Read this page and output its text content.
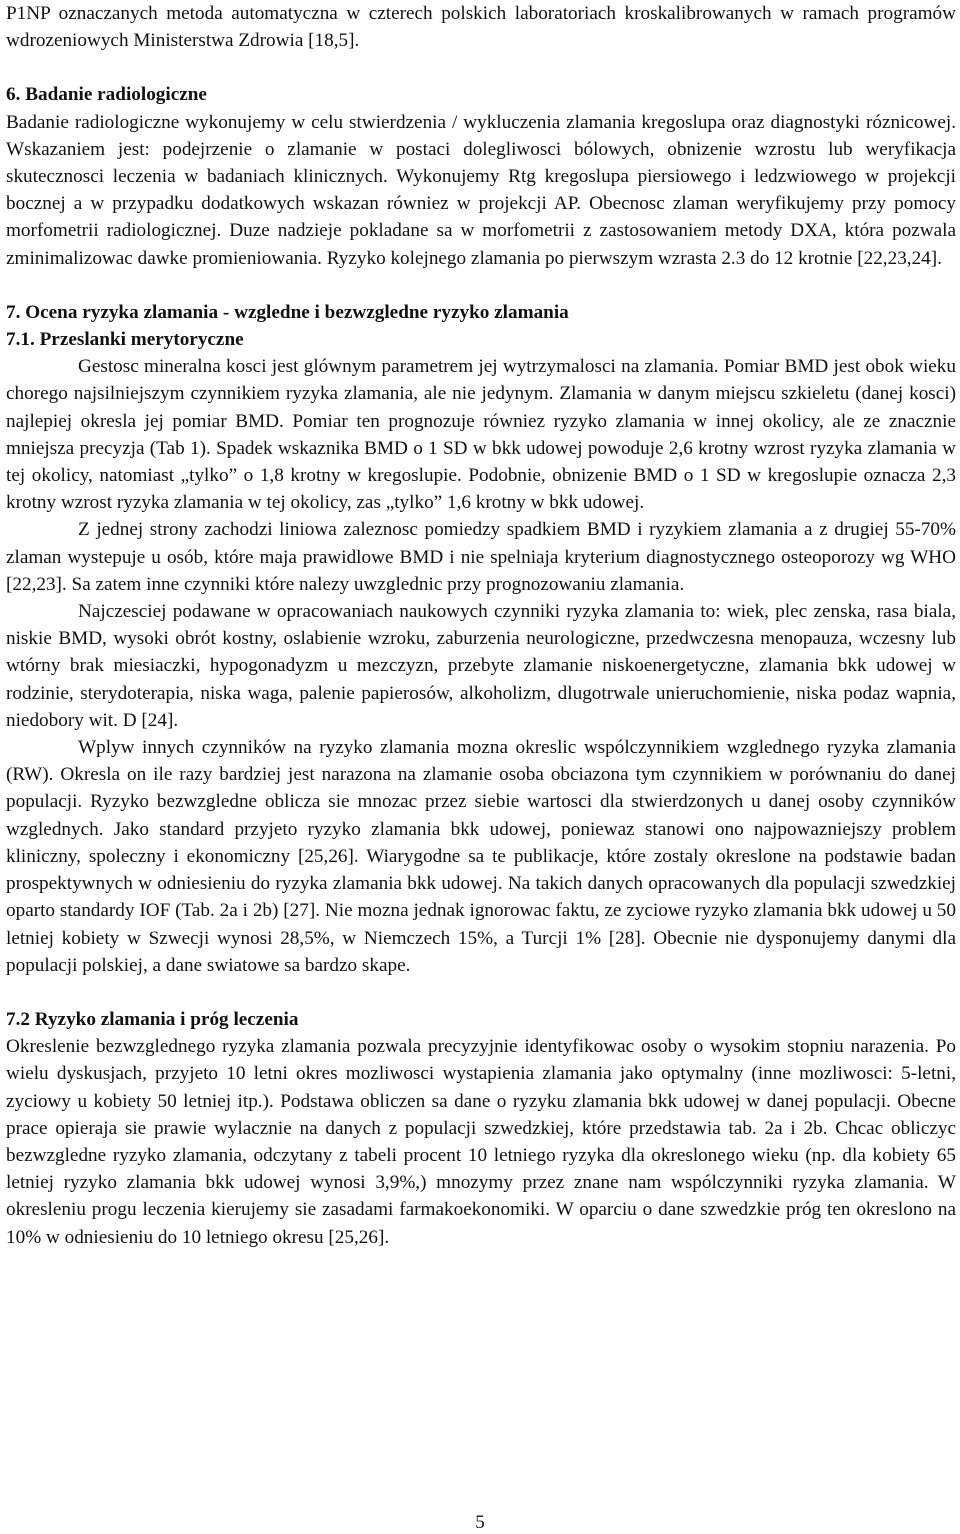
P1NP oznaczanych metoda automatyczna w czterech polskich laboratoriach kroskalibrowanych w ramach programów wdrozeniowych Ministerstwa Zdrowia [18,5].

6. Badanie radiologiczne

Badanie radiologiczne wykonujemy w celu stwierdzenia / wykluczenia zlamania kregoslupa oraz diagnostyki róznicowej. Wskazaniem jest: podejrzenie o zlamanie w postaci dolegliwosci bólowych, obnizenie wzrostu lub weryfikacja skutecznosci leczenia w badaniach klinicznych. Wykonujemy Rtg kregoslupa piersiowego i ledzwiowego w projekcji bocznej a w przypadku dodatkowych wskazan równiez w projekcji AP. Obecnosc zlaman weryfikujemy przy pomocy morfometrii radiologicznej. Duze nadzieje pokladane sa w morfometrii z zastosowaniem metody DXA, która pozwala zminimalizowac dawke promieniowania. Ryzyko kolejnego zlamania po pierwszym wzrasta 2.3 do 12 krotnie [22,23,24].

7. Ocena ryzyka zlamania - wzgledne i bezwzgledne ryzyko zlamania
7.1. Przeslanki merytoryczne

Gestosc mineralna kosci jest glównym parametrem jej wytrzymalosci na zlamania. Pomiar BMD jest obok wieku chorego najsilniejszym czynnikiem ryzyka zlamania, ale nie jedynym. Zlamania w danym miejscu szkieletu (danej kosci) najlepiej okresla jej pomiar BMD. Pomiar ten prognozuje równiez ryzyko zlamania w innej okolicy, ale ze znacznie mniejsza precyzja (Tab 1). Spadek wskaznika BMD o 1 SD w bkk udowej powoduje 2,6 krotny wzrost ryzyka zlamania w tej okolicy, natomiast „tylko” o 1,8 krotny w kregoslupie. Podobnie, obnizenie BMD o 1 SD w kregoslupie oznacza 2,3 krotny wzrost ryzyka zlamania w tej okolicy, zas „tylko” 1,6 krotny w bkk udowej.

Z jednej strony zachodzi liniowa zaleznosc pomiedzy spadkiem BMD i ryzykiem zlamania a z drugiej 55-70% zlaman wystepuje u osób, które maja prawidlowe BMD i nie spelniaja kryterium diagnostycznego osteoporozy wg WHO [22,23]. Sa zatem inne czynniki które nalezy uwzglednic przy prognozowaniu zlamania.

Najczesciej podawane w opracowaniach naukowych czynniki ryzyka zlamania to: wiek, plec zenska, rasa biala, niskie BMD, wysoki obrót kostny, oslabienie wzroku, zaburzenia neurologiczne, przedwczesna menopauza, wczesny lub wtórny brak miesiaczki, hypogonadyzm u mezczyzn, przebyte zlamanie niskoenergetyczne, zlamania bkk udowej w rodzinie, sterydoterapia, niska waga, palenie papierosów, alkoholizm, dlugotrwale unieruchomienie, niska podaz wapnia, niedobory wit. D [24].

Wplyw innych czynników na ryzyko zlamania mozna okreslic wspólczynnikiem wzglednego ryzyka zlamania (RW). Okresla on ile razy bardziej jest narazona na zlamanie osoba obciazona tym czynnikiem w porównaniu do danej populacji. Ryzyko bezwzgledne oblicza sie mnozac przez siebie wartosci dla stwierdzonych u danej osoby czynników wzglednych. Jako standard przyjeto ryzyko zlamania bkk udowej, poniewaz stanowi ono najpowazniejszy problem kliniczny, spoleczny i ekonomiczny [25,26]. Wiarygodne sa te publikacje, które zostaly okreslone na podstawie badan prospektywnych w odniesieniu do ryzyka zlamania bkk udowej. Na takich danych opracowanych dla populacji szwedzkiej oparto standardy IOF (Tab. 2a i 2b) [27]. Nie mozna jednak ignorowac faktu, ze zyciowe ryzyko zlamania bkk udowej u 50 letniej kobiety w Szwecji wynosi 28,5%, w Niemczech 15%, a Turcji 1% [28]. Obecnie nie dysponujemy danymi dla populacji polskiej, a dane swiatowe sa bardzo skape.

7.2 Ryzyko zlamania i próg leczenia

Okreslenie bezwzglednego ryzyka zlamania pozwala precyzyjnie identyfikowac osoby o wysokim stopniu narazenia. Po wielu dyskusjach, przyjeto 10 letni okres mozliwosci wystapienia zlamania jako optymalny (inne mozliwosci: 5-letni, zyciowy u kobiety 50 letniej itp.). Podstawa obliczen sa dane o ryzyku zlamania bkk udowej w danej populacji. Obecne prace opieraja sie prawie wylacznie na danych z populacji szwedzkiej, które przedstawia tab. 2a i 2b. Chcac obliczyc bezwzgledne ryzyko zlamania, odczytany z tabeli procent 10 letniego ryzyka dla okreslonego wieku (np. dla kobiety 65 letniej ryzyko zlamania bkk udowej wynosi 3,9%,) mnozymy przez znane nam wspólczynniki ryzyka zlamania. W okresleniu progu leczenia kierujemy sie zasadami farmakoekonomiki. W oparciu o dane szwedzkie próg ten okreslono na 10% w odniesieniu do 10 letniego okresu [25,26].

5
